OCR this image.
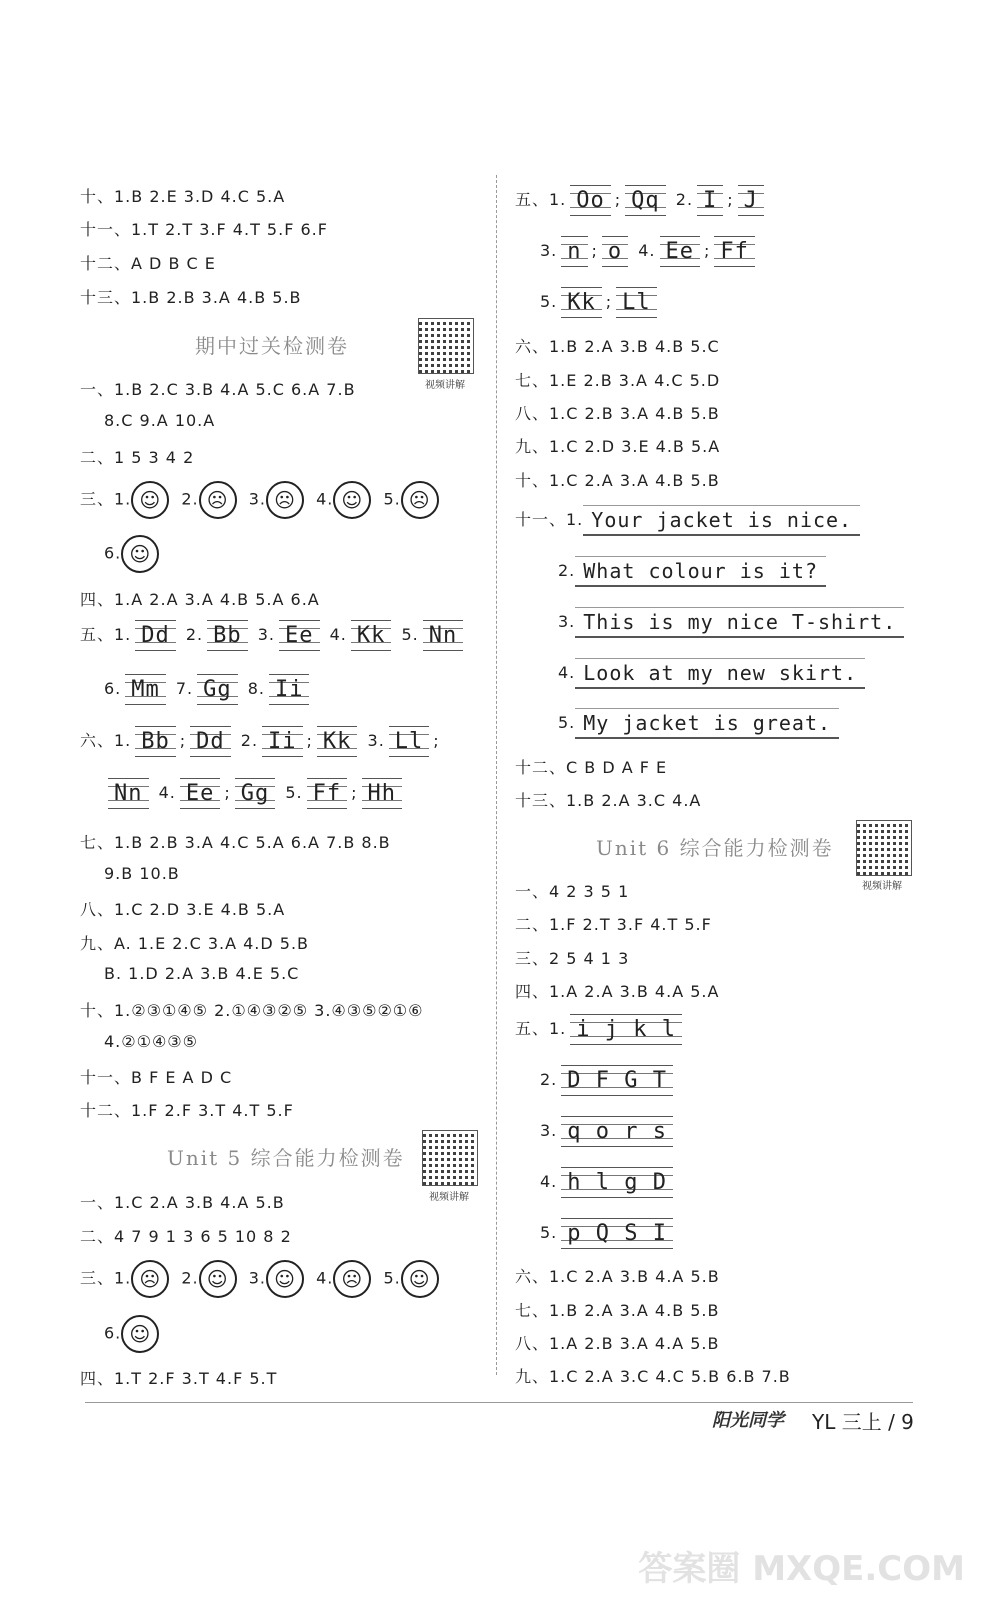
十、1.B 2.E 3.D 4.C 5.A
十一、1.T 2.T 3.F 4.T 5.F 6.F
十二、A D B C E
十三、1.B 2.B 3.A 4.B 5.B
期中过关检测卷
视频讲解
一、1.B 2.C 3.B 4.A 5.C 6.A 7.B
8.C 9.A 10.A
二、1 5 3 4 2
三、1. ☺ 2. ☹ 3. ☹ 4. ☺ 5. ☹
6. ☺
四、1.A 2.A 3.A 4.B 5.A 6.A
五、1. Dd 2. Bb 3. Ee 4. Kk 5. Nn
6. Mm 7. Gg 8. Ii
六、1. Bb ; Dd 2. Ii ; Kk 3. Ll ;
Nn 4. Ee ; Gg 5. Ff ; Hh
七、1.B 2.B 3.A 4.C 5.A 6.A 7.B 8.B
9.B 10.B
八、1.C 2.D 3.E 4.B 5.A
九、A. 1.E 2.C 3.A 4.D 5.B
B. 1.D 2.A 3.B 4.E 5.C
十、1.②③①④⑤ 2.①④③②⑤ 3.④③⑤②①⑥
4.②①④③⑤
十一、B F E A D C
十二、1.F 2.F 3.T 4.T 5.F
Unit 5 综合能力检测卷
视频讲解
一、1.C 2.A 3.B 4.A 5.B
二、4 7 9 1 3 6 5 10 8 2
三、1. ☹ 2. ☺ 3. ☺ 4. ☹ 5. ☺
6. ☺
四、1.T 2.F 3.T 4.F 5.T
五、1. Oo ; Qq 2. I ; J
3. n ; o 4. Ee ; Ff
5. Kk ; Ll
六、1.B 2.A 3.B 4.B 5.C
七、1.E 2.B 3.A 4.C 5.D
八、1.C 2.B 3.A 4.B 5.B
九、1.C 2.D 3.E 4.B 5.A
十、1.C 2.A 3.A 4.B 5.B
十一、1. Your jacket is nice.
2. What colour is it?
3. This is my nice T-shirt.
4. Look at my new skirt.
5. My jacket is great.
十二、C B D A F E
十三、1.B 2.A 3.C 4.A
Unit 6 综合能力检测卷
视频讲解
一、4 2 3 5 1
二、1.F 2.T 3.F 4.T 5.F
三、2 5 4 1 3
四、1.A 2.A 3.B 4.A 5.A
五、1. i j k l
2. D F G T
3. q o r s
4. h l g D
5. p Q S I
六、1.C 2.A 3.B 4.A 5.B
七、1.B 2.A 3.A 4.B 5.B
八、1.A 2.B 3.A 4.A 5.B
九、1.C 2.A 3.C 4.C 5.B 6.B 7.B
阳光同学 YL 三上 / 9
答案圈 MXQE.COM
